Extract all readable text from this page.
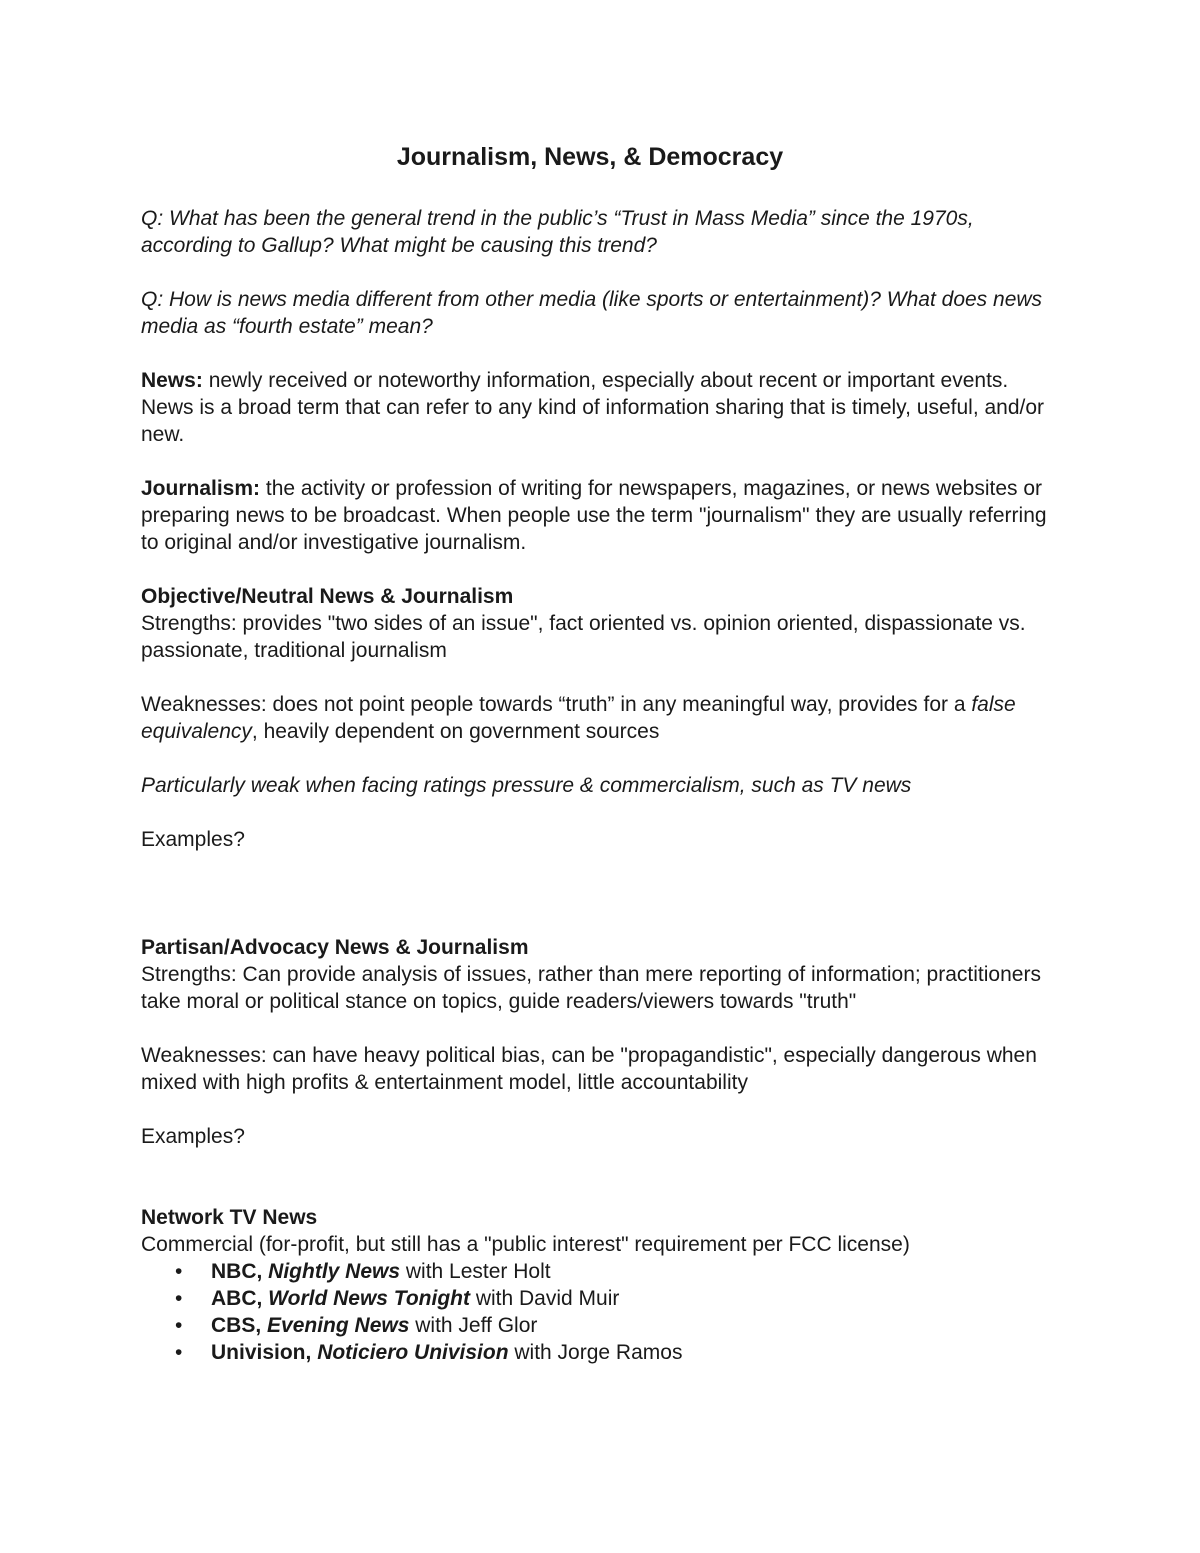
Journalism, News, & Democracy

Q: What has been the general trend in the public’s “Trust in Mass Media” since the 1970s, according to Gallup? What might be causing this trend?

Q: How is news media different from other media (like sports or entertainment)? What does news media as “fourth estate” mean?

News: newly received or noteworthy information, especially about recent or important events. News is a broad term that can refer to any kind of information sharing that is timely, useful, and/or new.

Journalism: the activity or profession of writing for newspapers, magazines, or news websites or preparing news to be broadcast. When people use the term "journalism" they are usually referring to original and/or investigative journalism.

Objective/Neutral News & Journalism
Strengths: provides "two sides of an issue", fact oriented vs. opinion oriented, dispassionate vs. passionate, traditional journalism

Weaknesses: does not point people towards “truth” in any meaningful way, provides for a false equivalency, heavily dependent on government sources

Particularly weak when facing ratings pressure & commercialism, such as TV news

Examples?

Partisan/Advocacy News & Journalism
Strengths: Can provide analysis of issues, rather than mere reporting of information; practitioners take moral or political stance on topics, guide readers/viewers towards "truth"

Weaknesses: can have heavy political bias, can be "propagandistic", especially dangerous when mixed with high profits & entertainment model, little accountability

Examples?

Network TV News
Commercial (for-profit, but still has a "public interest" requirement per FCC license)
• NBC, Nightly News with Lester Holt
• ABC, World News Tonight with David Muir
• CBS, Evening News with Jeff Glor
• Univision, Noticiero Univision with Jorge Ramos
